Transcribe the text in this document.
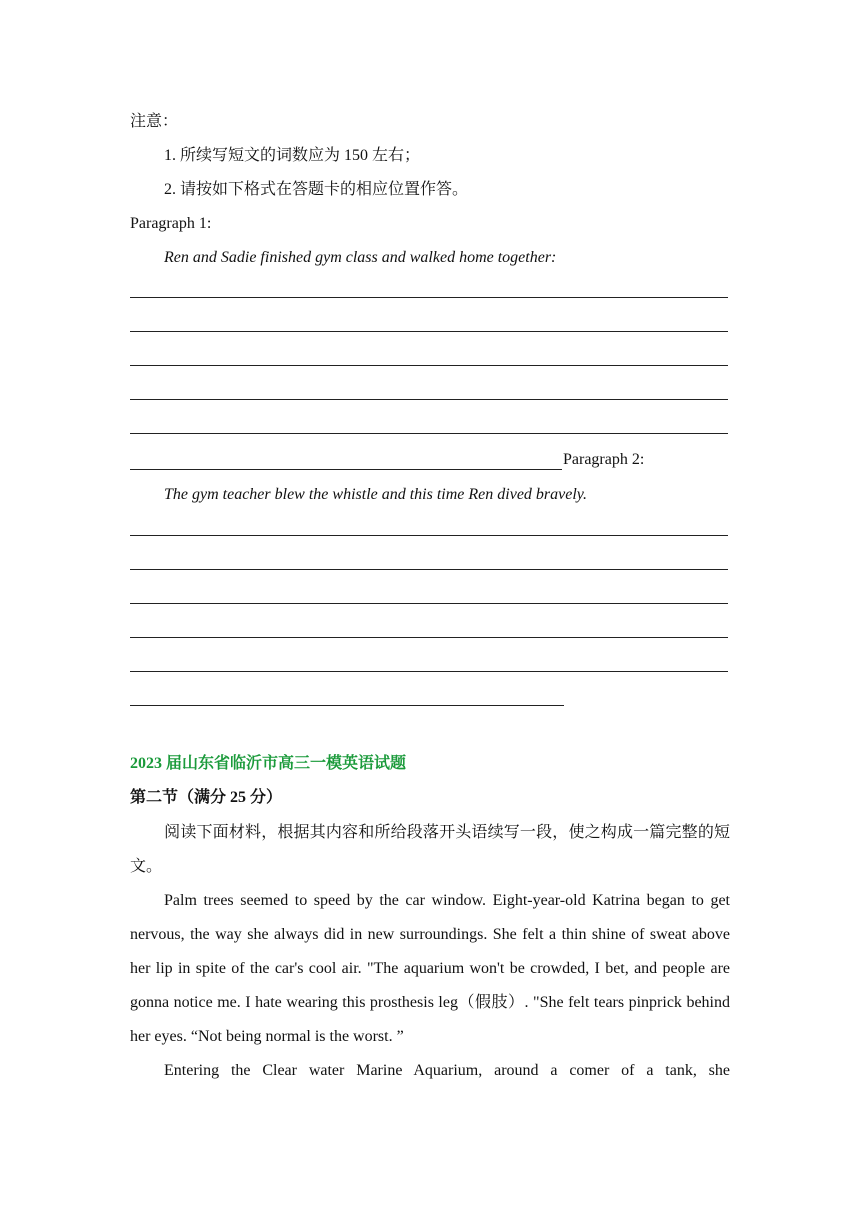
注意：
1. 所续写短文的词数应为 150 左右；
2. 请按如下格式在答题卡的相应位置作答。
Paragraph 1:
Ren and Sadie finished gym class and walked home together:
Paragraph 2:
The gym teacher blew the whistle and this time Ren dived bravely.
2023 届山东省临沂市高三一模英语试题
第二节（满分 25 分）
阅读下面材料，根据其内容和所给段落开头语续写一段，使之构成一篇完整的短文。
Palm trees seemed to speed by the car window. Eight-year-old Katrina began to get nervous, the way she always did in new surroundings. She felt a thin shine of sweat above her lip in spite of the car's cool air. "The aquarium won't be crowded, I bet, and people are gonna notice me. I hate wearing this prosthesis leg（假肢）. "She felt tears pinprick behind her eyes. “Not being normal is the worst. ”
Entering the Clear water Marine Aquarium, around a comer of a tank, she
